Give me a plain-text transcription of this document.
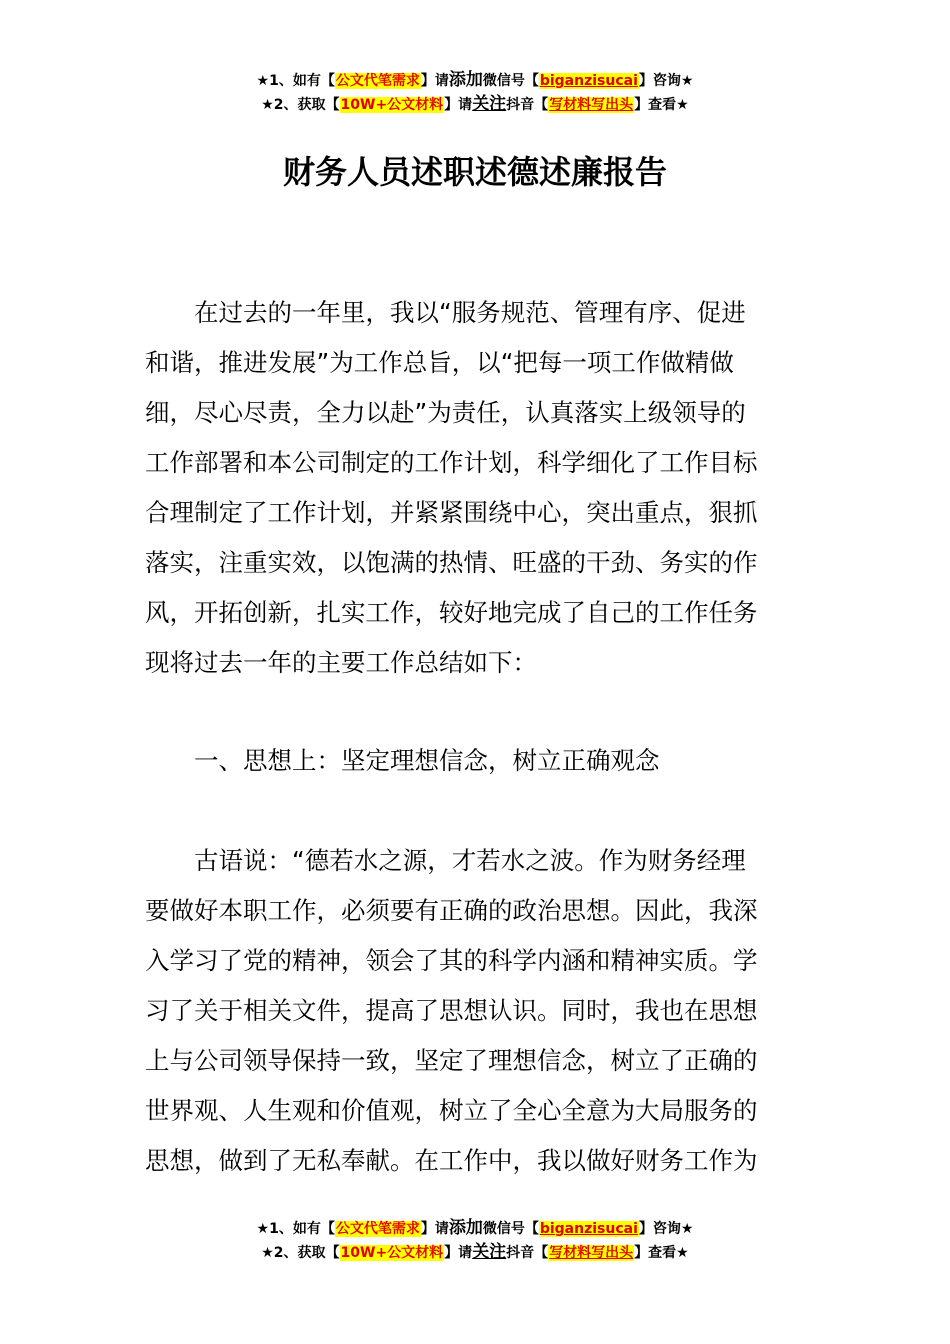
★1、如有【公文代笔需求】请添加微信号【biganzisucai】咨询★
★2、获取【10W+公文材料】请关注抖音【写材料写出头】查看★
财务人员述职述德述廉报告
　　在过去的一年里，我以“服务规范、管理有序、促进
和谐，推进发展”为工作总旨，以“把每一项工作做精做
细，尽心尽责，全力以赴”为责任，认真落实上级领导的
工作部署和本公司制定的工作计划，科学细化了工作目标
合理制定了工作计划，并紧紧围绕中心，突出重点，狠抓
落实，注重实效，以饱满的热情、旺盛的干劲、务实的作
风，开拓创新，扎实工作，较好地完成了自己的工作任务
现将过去一年的主要工作总结如下：
　　一、思想上：坚定理想信念，树立正确观念
　　古语说：“德若水之源，才若水之波。作为财务经理
要做好本职工作，必须要有正确的政治思想。因此，我深
入学习了党的精神，领会了其的科学内涵和精神实质。学
习了关于相关文件，提高了思想认识。同时，我也在思想
上与公司领导保持一致，坚定了理想信念，树立了正确的
世界观、人生观和价值观，树立了全心全意为大局服务的
思想，做到了无私奉献。在工作中，我以做好财务工作为
★1、如有【公文代笔需求】请添加微信号【biganzisucai】咨询★
★2、获取【10W+公文材料】请关注抖音【写材料写出头】查看★
